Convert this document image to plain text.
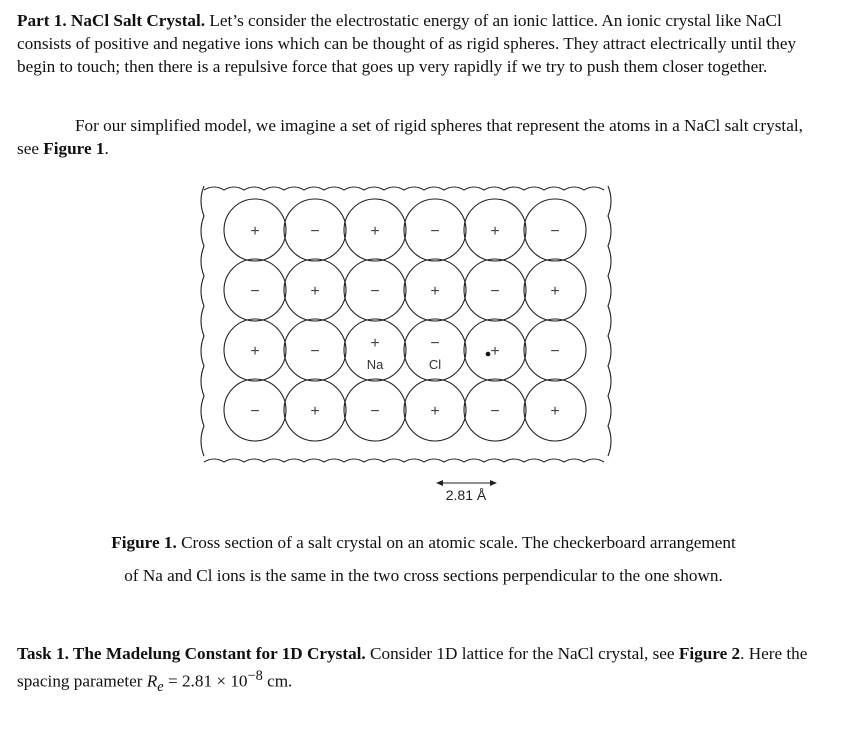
Part 1. NaCl Salt Crystal. Let’s consider the electrostatic energy of an ionic lattice. An ionic crystal like NaCl consists of positive and negative ions which can be thought of as rigid spheres. They attract electrically until they begin to touch; then there is a repulsive force that goes up very rapidly if we try to push them closer together.

For our simplified model, we imagine a set of rigid spheres that represent the atoms in a NaCl salt crystal, see Figure 1.

+	−	+	−	+	−
−	+	−	+	−	+
+	−	+	−	+	−
−	+	−	+	−	+
Na	Cl
2.81 Å
Figure 1. Cross section of a salt crystal on an atomic scale. The checkerboard arrangement
of Na and Cl ions is the same in the two cross sections perpendicular to the one shown.

Task 1. The Madelung Constant for 1D Crystal. Consider 1D lattice for the NaCl crystal, see Figure 2. Here the spacing parameter $R_e = 2.81 \times 10^{-8}$ cm.
